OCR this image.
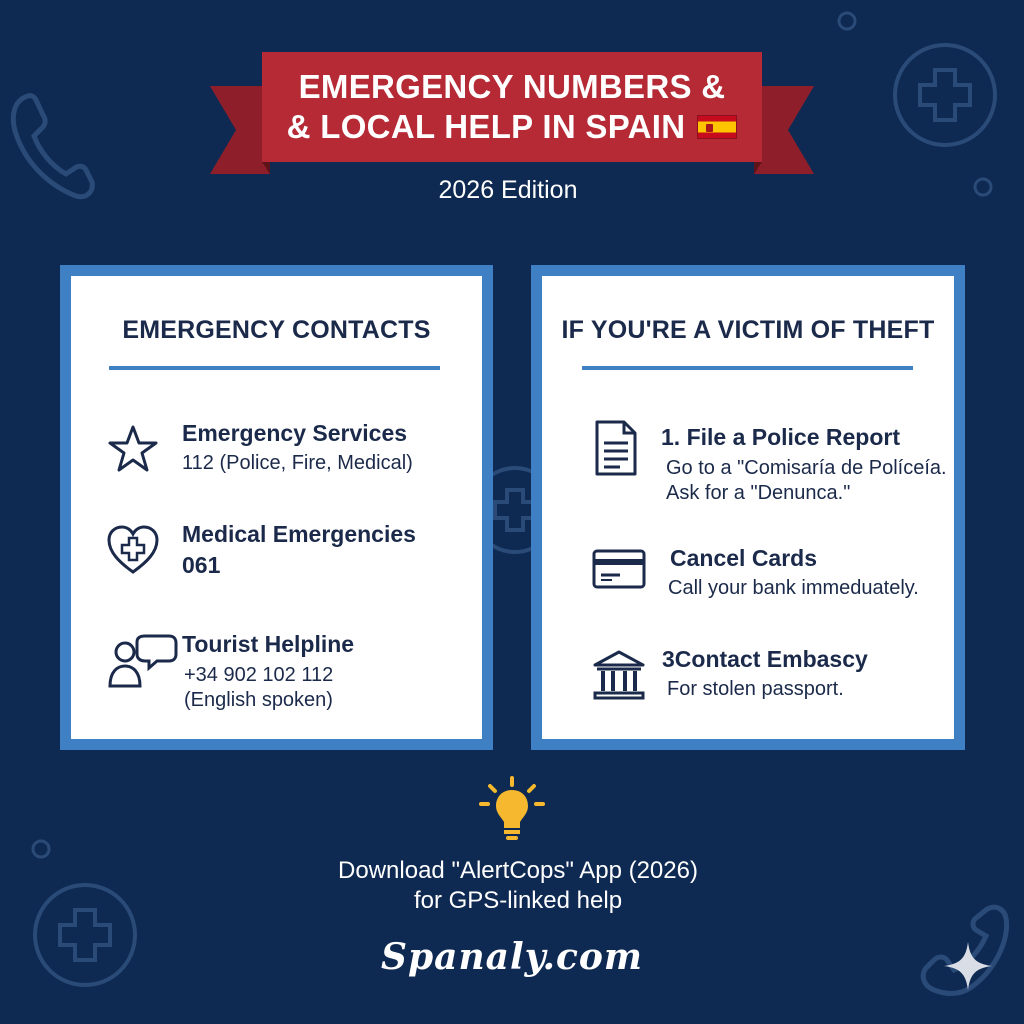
EMERGENCY NUMBERS &
& LOCAL HELP IN SPAIN
2026 Edition
EMERGENCY CONTACTS
Emergency Services
112 (Police, Fire, Medical)
Medical Emergencies
061
Tourist Helpline
+34 902 102 112
(English spoken)
IF YOU'RE A VICTIM OF THEFT
1. File a Police Report
Go to a "Comisaría de Polícеía.
Ask for a "Denunca."
Cancel Cards
Call your bank immeduately.
3Contact Embascy
For stolen passport.
Download "AlertCops" App (2026)
for GPS-linked help
Spanaly.com
